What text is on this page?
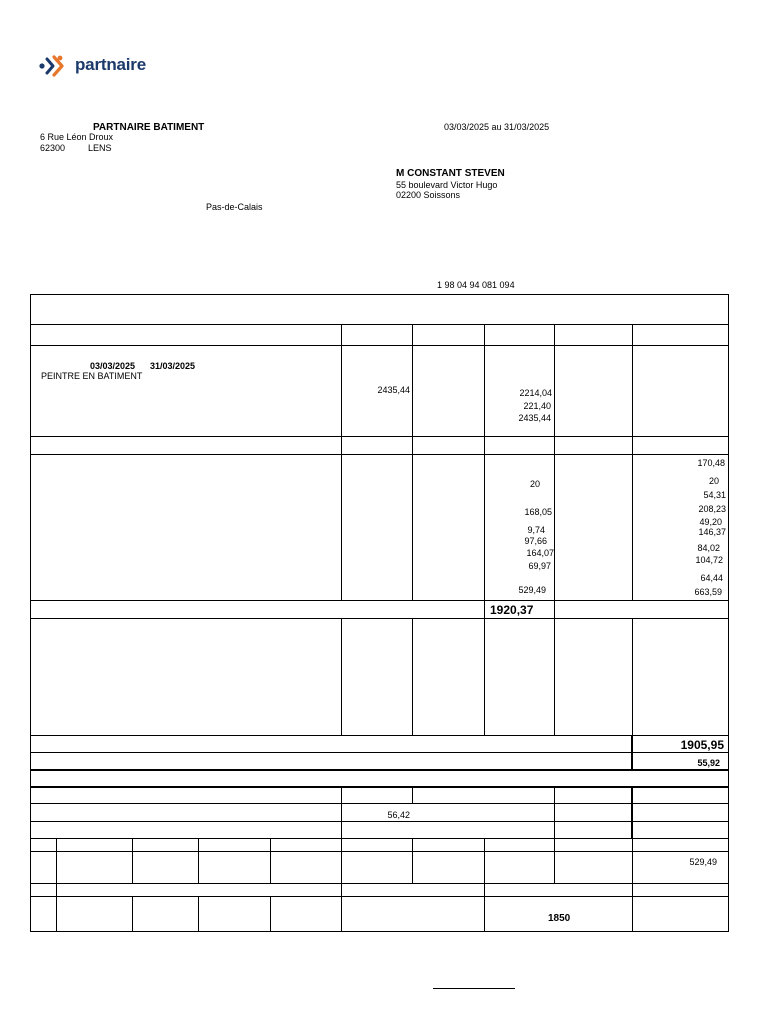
partnaire
PARTNAIRE BATIMENT
6 Rue Léon Droux
62300	LENS
Pas-de-Calais
03/03/2025 au 31/03/2025
M CONSTANT STEVEN
55 boulevard Victor Hugo
02200 Soissons
1 98 04 94 081 094
03/03/2025 31/03/2025
PEINTRE EN BATIMENT
2435,44	2214,04
221,40
2435,44
20
168,05
9,74
97,66
164,07
69,97
529,49
170,48
20
54,31
208,23
49,20
146,37
84,02
104,72
64,44
663,59
1920,37
1905,95
55,92
56,42
529,49
1850
